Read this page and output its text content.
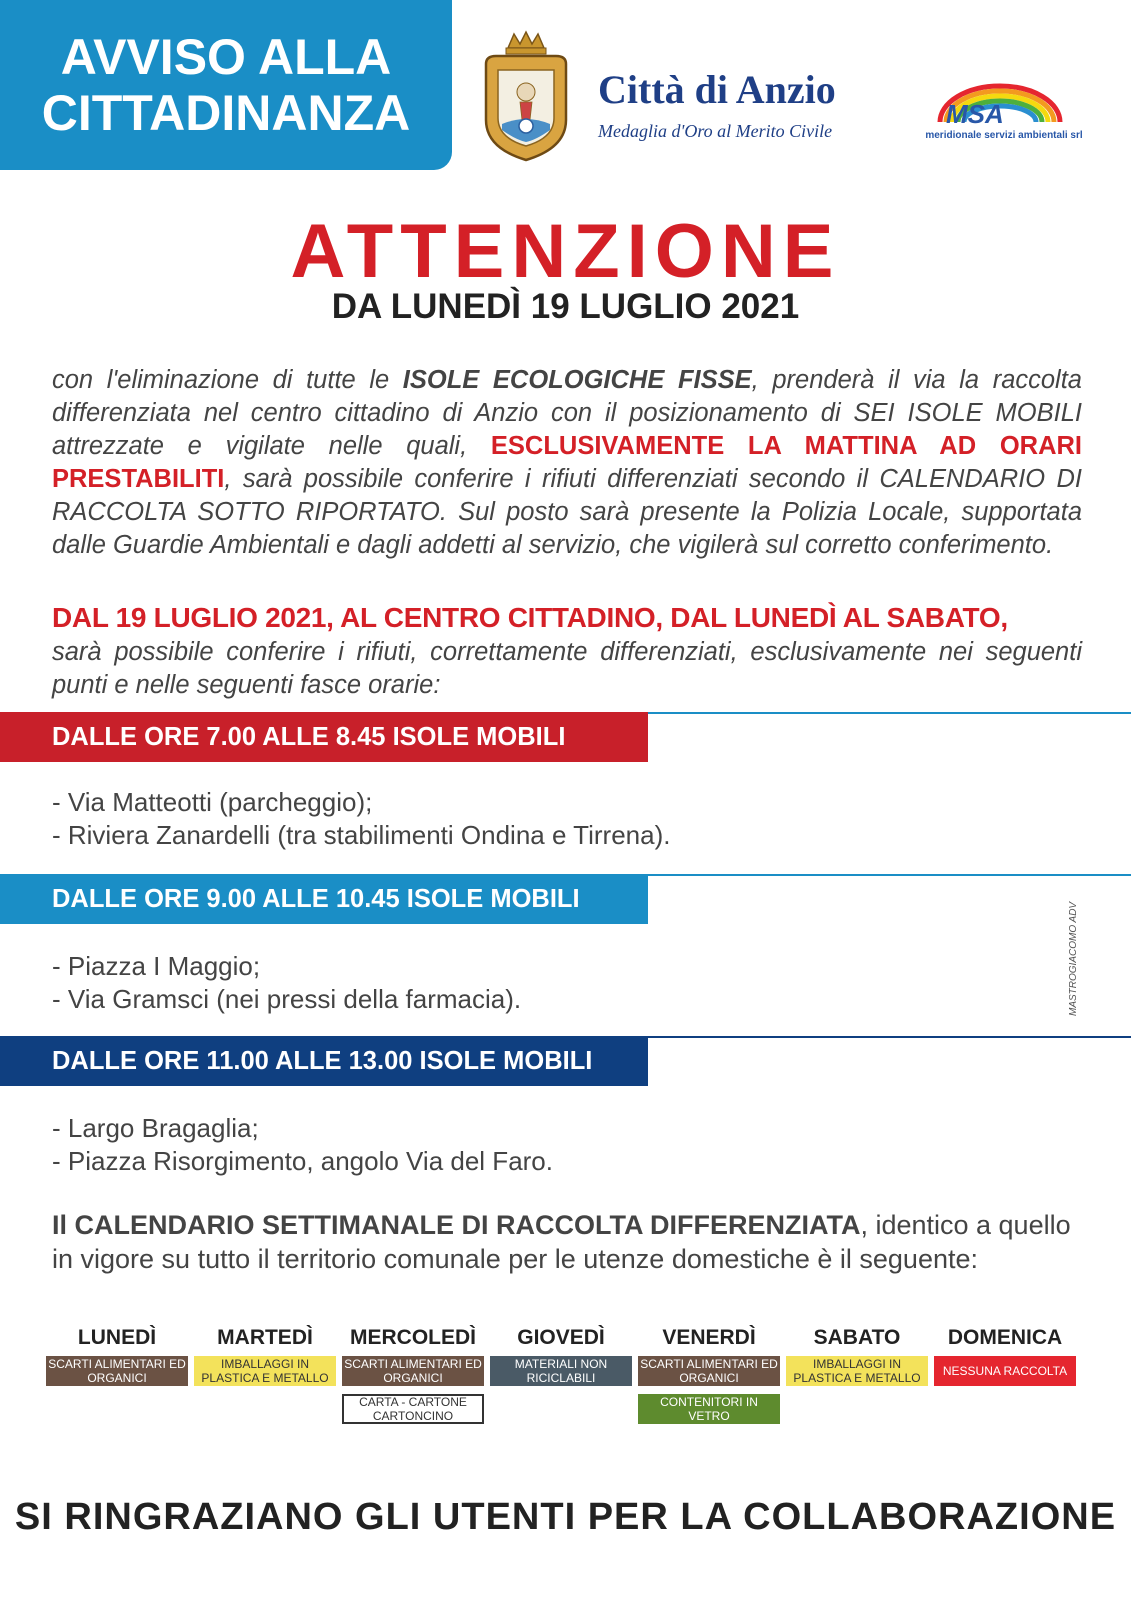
AVVISO ALLA
CITTADINANZA	Città di Anzio
Medaglia d'Oro al Merito Civile
MSA
meridionale servizi ambientali srl
ATTENZIONE
DA LUNEDÌ 19 LUGLIO 2021
con l'eliminazione di tutte le ISOLE ECOLOGICHE FISSE, prenderà il via la raccolta differenziata nel centro cittadino di Anzio con il posizionamento di SEI ISOLE MOBILI attrezzate e vigilate nelle quali, ESCLUSIVAMENTE LA MATTINA AD ORARI PRESTABILITI, sarà possibile conferire i rifiuti differenziati secondo il CALENDARIO DI RACCOLTA SOTTO RIPORTATO. Sul posto sarà presente la Polizia Locale, supportata dalle Guardie Ambientali e dagli addetti al servizio, che vigilerà sul corretto conferimento.
DAL 19 LUGLIO 2021, AL CENTRO CITTADINO, DAL LUNEDÌ AL SABATO,
sarà possibile conferire i rifiuti, correttamente differenziati, esclusivamente nei seguenti punti e nelle seguenti fasce orarie:
DALLE ORE 7.00 ALLE 8.45 ISOLE MOBILI
- Via Matteotti (parcheggio);
- Riviera Zanardelli (tra stabilimenti Ondina e Tirrena).
DALLE ORE 9.00 ALLE 10.45 ISOLE MOBILI
- Piazza I Maggio;
- Via Gramsci (nei pressi della farmacia).
DALLE ORE 11.00 ALLE 13.00 ISOLE MOBILI
- Largo Bragaglia;
- Piazza Risorgimento, angolo Via del Faro.
Il CALENDARIO SETTIMANALE DI RACCOLTA DIFFERENZIATA, identico a quello in vigore su tutto il territorio comunale per le utenze domestiche è il seguente:
LUNEDÌ
SCARTI ALIMENTARI ED ORGANICI
MARTEDÌ
IMBALLAGGI IN PLASTICA E METALLO
MERCOLEDÌ
SCARTI ALIMENTARI ED ORGANICI
CARTA - CARTONE CARTONCINO
GIOVEDÌ
MATERIALI NON RICICLABILI
VENERDÌ
SCARTI ALIMENTARI ED ORGANICI
CONTENITORI IN VETRO
SABATO
IMBALLAGGI IN PLASTICA E METALLO
DOMENICA
NESSUNA RACCOLTA
SI RINGRAZIANO GLI UTENTI PER LA COLLABORAZIONE
MASTROGIACOMO ADV
